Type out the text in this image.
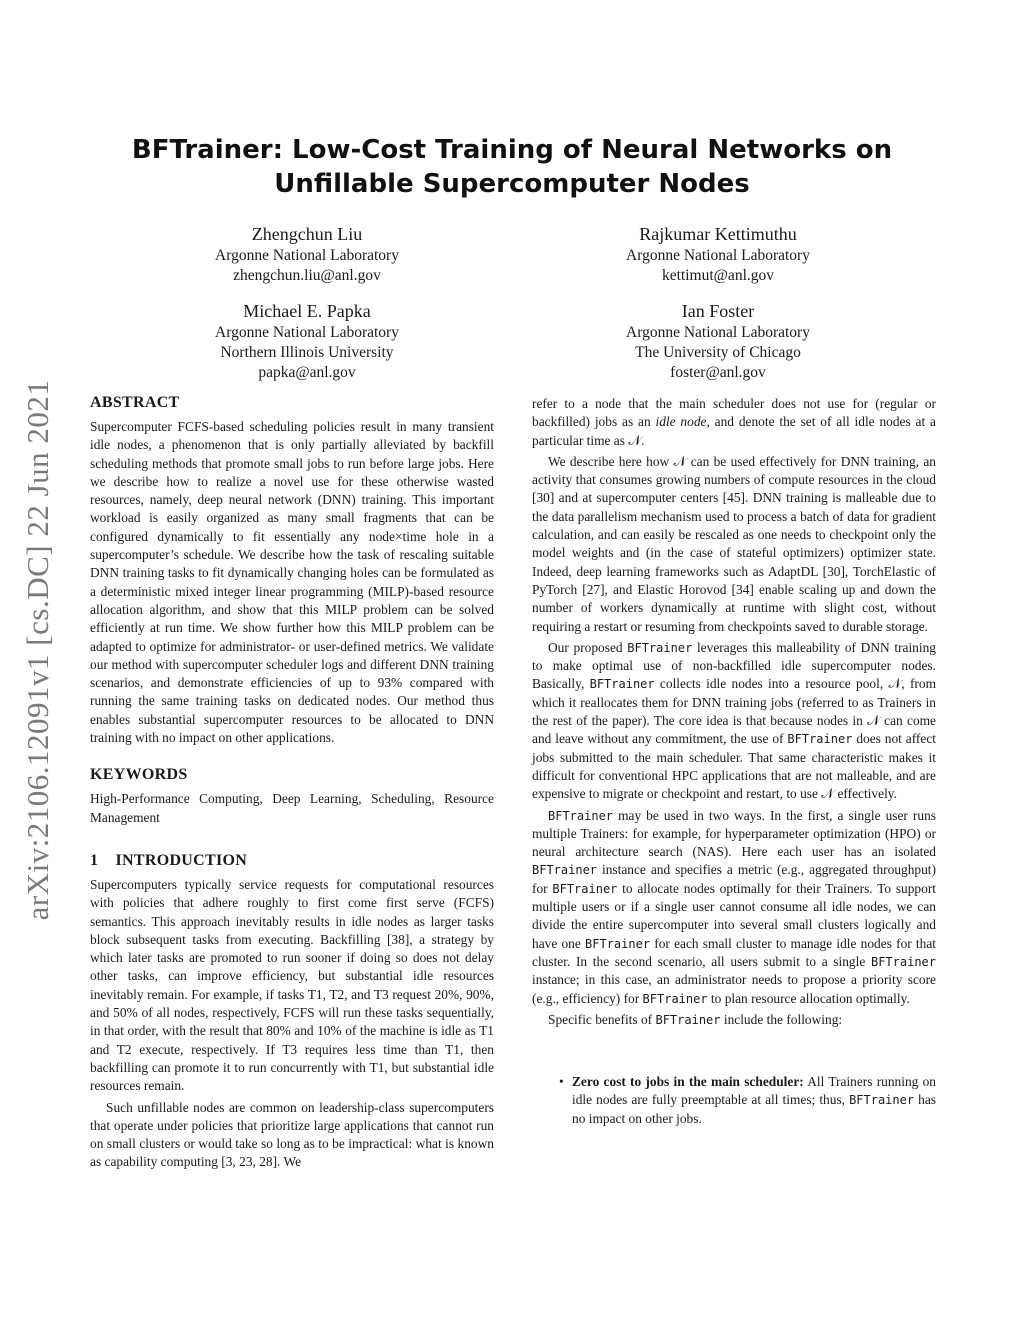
arXiv:2106.12091v1 [cs.DC] 22 Jun 2021
BFTrainer: Low-Cost Training of Neural Networks on Unfillable Supercomputer Nodes
Zhengchun Liu
Argonne National Laboratory
zhengchun.liu@anl.gov
Rajkumar Kettimuthu
Argonne National Laboratory
kettimut@anl.gov
Michael E. Papka
Argonne National Laboratory
Northern Illinois University
papka@anl.gov
Ian Foster
Argonne National Laboratory
The University of Chicago
foster@anl.gov
ABSTRACT

Supercomputer FCFS-based scheduling policies result in many transient idle nodes, a phenomenon that is only partially alleviated by backfill scheduling methods that promote small jobs to run before large jobs. Here we describe how to realize a novel use for these otherwise wasted resources, namely, deep neural network (DNN) training. This important workload is easily organized as many small fragments that can be configured dynamically to fit essentially any node×time hole in a supercomputer’s schedule. We describe how the task of rescaling suitable DNN training tasks to fit dynamically changing holes can be formulated as a deterministic mixed integer linear programming (MILP)-based resource allocation algorithm, and show that this MILP problem can be solved efficiently at run time. We show further how this MILP problem can be adapted to optimize for administrator- or user-defined metrics. We validate our method with supercomputer scheduler logs and different DNN training scenarios, and demonstrate efficiencies of up to 93% compared with running the same training tasks on dedicated nodes. Our method thus enables substantial supercomputer resources to be allocated to DNN training with no impact on other applications.

KEYWORDS

High-Performance Computing, Deep Learning, Scheduling, Resource Management

1    INTRODUCTION

Supercomputers typically service requests for computational resources with policies that adhere roughly to first come first serve (FCFS) semantics. This approach inevitably results in idle nodes as larger tasks block subsequent tasks from executing. Backfilling [38], a strategy by which later tasks are promoted to run sooner if doing so does not delay other tasks, can improve efficiency, but substantial idle resources inevitably remain. For example, if tasks T1, T2, and T3 request 20%, 90%, and 50% of all nodes, respectively, FCFS will run these tasks sequentially, in that order, with the result that 80% and 10% of the machine is idle as T1 and T2 execute, respectively. If T3 requires less time than T1, then backfilling can promote it to run concurrently with T1, but substantial idle resources remain.

Such unfillable nodes are common on leadership-class supercomputers that operate under policies that prioritize large applications that cannot run on small clusters or would take so long as to be impractical: what is known as capability computing [3, 23, 28]. We

refer to a node that the main scheduler does not use for (regular or backfilled) jobs as an idle node, and denote the set of all idle nodes at a particular time as 𝒩.

We describe here how 𝒩 can be used effectively for DNN training, an activity that consumes growing numbers of compute resources in the cloud [30] and at supercomputer centers [45]. DNN training is malleable due to the data parallelism mechanism used to process a batch of data for gradient calculation, and can easily be rescaled as one needs to checkpoint only the model weights and (in the case of stateful optimizers) optimizer state. Indeed, deep learning frameworks such as AdaptDL [30], TorchElastic of PyTorch [27], and Elastic Horovod [34] enable scaling up and down the number of workers dynamically at runtime with slight cost, without requiring a restart or resuming from checkpoints saved to durable storage.

Our proposed BFTrainer leverages this malleability of DNN training to make optimal use of non-backfilled idle supercomputer nodes. Basically, BFTrainer collects idle nodes into a resource pool, 𝒩, from which it reallocates them for DNN training jobs (referred to as Trainers in the rest of the paper). The core idea is that because nodes in 𝒩 can come and leave without any commitment, the use of BFTrainer does not affect jobs submitted to the main scheduler. That same characteristic makes it difficult for conventional HPC applications that are not malleable, and are expensive to migrate or checkpoint and restart, to use 𝒩 effectively.

BFTrainer may be used in two ways. In the first, a single user runs multiple Trainers: for example, for hyperparameter optimization (HPO) or neural architecture search (NAS). Here each user has an isolated BFTrainer instance and specifies a metric (e.g., aggregated throughput) for BFTrainer to allocate nodes optimally for their Trainers. To support multiple users or if a single user cannot consume all idle nodes, we can divide the entire supercomputer into several small clusters logically and have one BFTrainer for each small cluster to manage idle nodes for that cluster. In the second scenario, all users submit to a single BFTrainer instance; in this case, an administrator needs to propose a priority score (e.g., efficiency) for BFTrainer to plan resource allocation optimally.

Specific benefits of BFTrainer include the following:

• Zero cost to jobs in the main scheduler: All Trainers running on idle nodes are fully preemptable at all times; thus, BFTrainer has no impact on other jobs.
